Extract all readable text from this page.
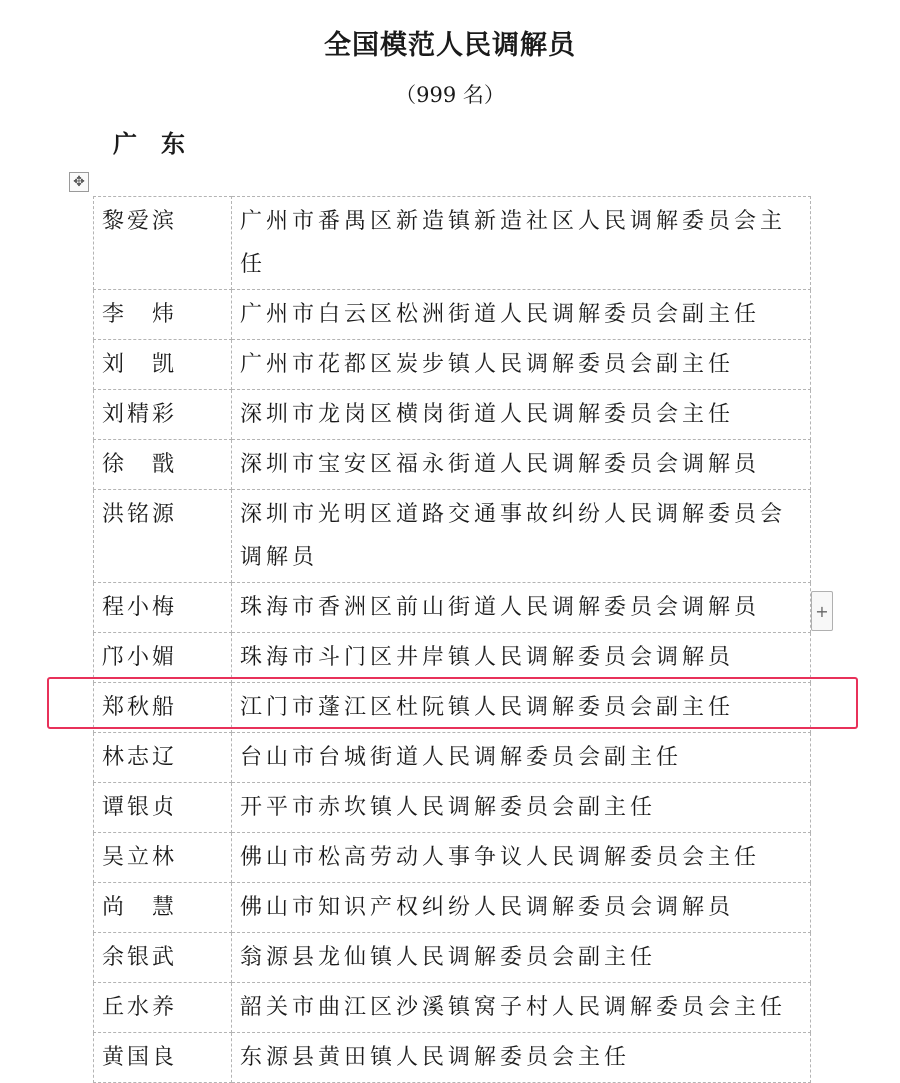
全国模范人民调解员
（999 名）
广　东
✥
黎爱滨	广州市番禺区新造镇新造社区人民调解委员会主任
李　炜	广州市白云区松洲街道人民调解委员会副主任
刘　凯	广州市花都区炭步镇人民调解委员会副主任
刘精彩	深圳市龙岗区横岗街道人民调解委员会主任
徐　戬	深圳市宝安区福永街道人民调解委员会调解员
洪铭源	深圳市光明区道路交通事故纠纷人民调解委员会调解员
程小梅	珠海市香洲区前山街道人民调解委员会调解员
邝小媚	珠海市斗门区井岸镇人民调解委员会调解员
郑秋船	江门市蓬江区杜阮镇人民调解委员会副主任
林志辽	台山市台城街道人民调解委员会副主任
谭银贞	开平市赤坎镇人民调解委员会副主任
吴立林	佛山市松高劳动人事争议人民调解委员会主任
尚　慧	佛山市知识产权纠纷人民调解委员会调解员
余银武	翁源县龙仙镇人民调解委员会副主任
丘水养	韶关市曲江区沙溪镇窝子村人民调解委员会主任
黄国良	东源县黄田镇人民调解委员会主任
+
